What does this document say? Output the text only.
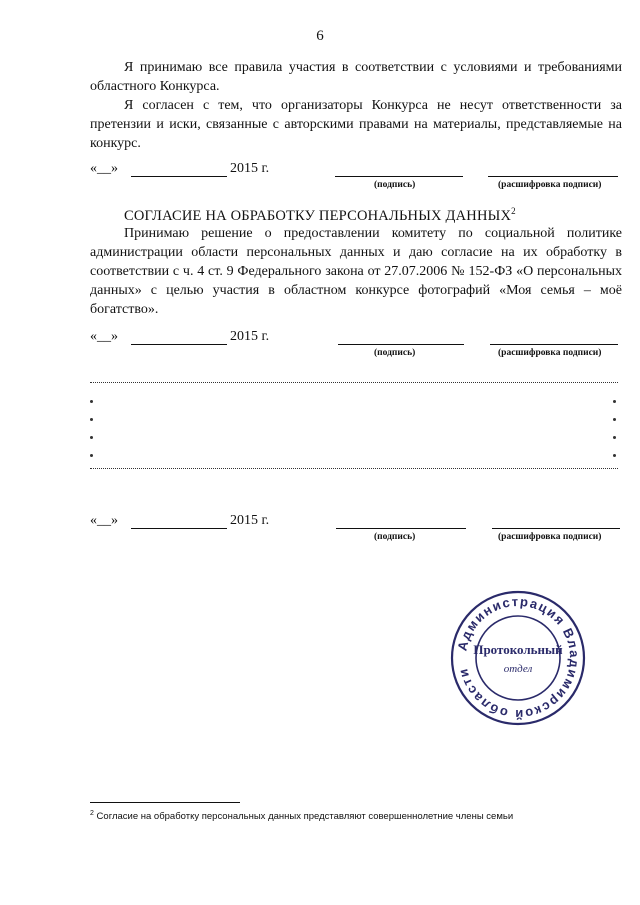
6
Я принимаю все правила участия в соответствии с условиями и требованиями областного Конкурса.
Я согласен с тем, что организаторы Конкурса не несут ответственности за претензии и иски, связанные с авторскими правами на материалы, представляемые на конкурс.
«__»	2015 г.
(подпись)	(расшифровка подписи)
СОГЛАСИЕ НА ОБРАБОТКУ ПЕРСОНАЛЬНЫХ ДАННЫХ$^2$
Принимаю решение о предоставлении комитету по социальной политике администрации области персональных данных и даю согласие на их обработку в соответствии с ч. 4 ст. 9 Федерального закона от 27.07.2006 № 152-ФЗ «О персональных данных» с целью участия в областном конкурсе фотографий «Моя семья – моё богатство».
«__»	2015 г.
(подпись)	(расшифровка подписи)
«__»	2015 г.
(подпись)	(расшифровка подписи)
Администрация Владимирской области
Протокольный
отдел
$^2$ Согласие на обработку персональных данных представляют совершеннолетние члены семьи
